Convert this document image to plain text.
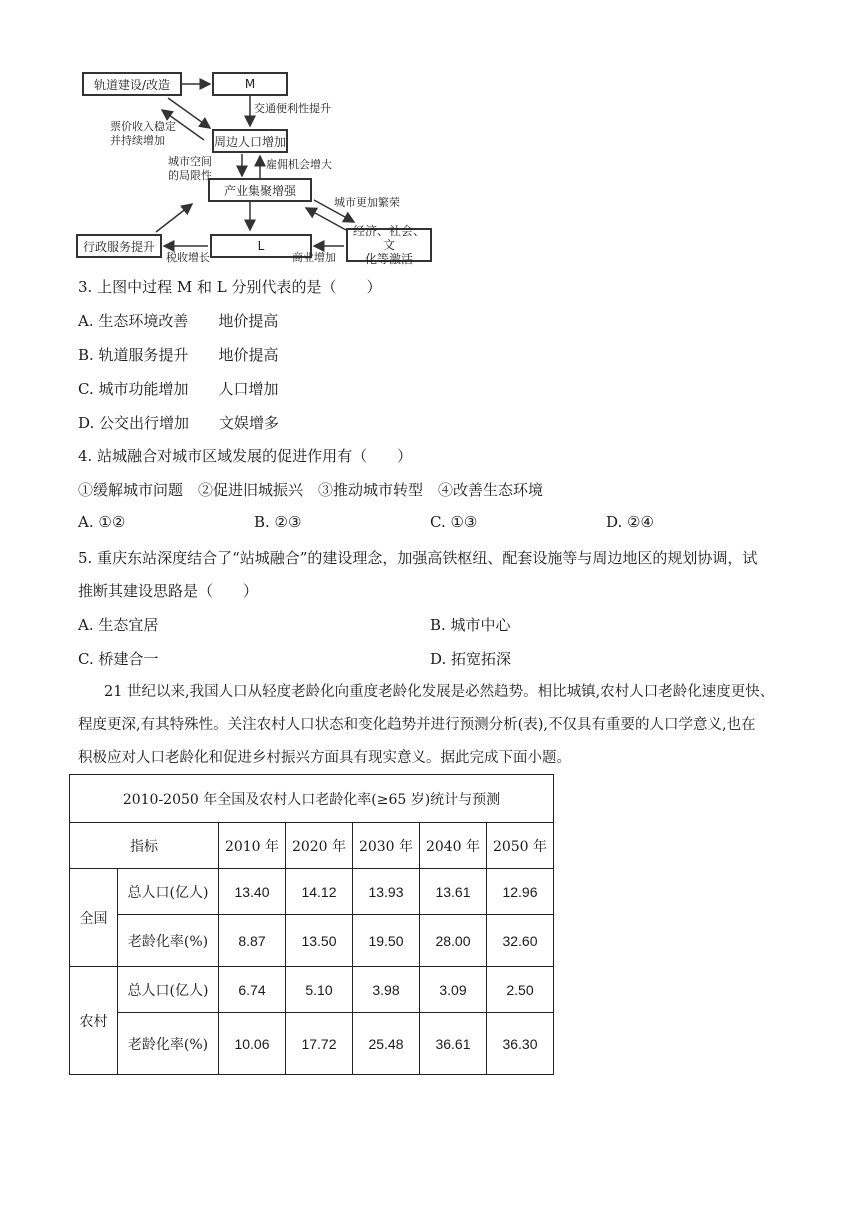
轨道建设/改造	M
周边人口增加
产业集聚增强
L
行政服务提升
经济、社会、文
化等激活
票价收入稳定
并持续增加
交通便利性提升
城市空间
的局限性
雇佣机会增大
城市更加繁荣
税收增长	商业增加
3. 上图中过程 M 和 L 分别代表的是（　　）
A. 生态环境改善　　地价提高
B. 轨道服务提升　　地价提高
C. 城市功能增加　　人口增加
D. 公交出行增加　　文娱增多
4. 站城融合对城市区域发展的促进作用有（　　）
①缓解城市问题　②促进旧城振兴　③推动城市转型　④改善生态环境
A. ①②	B. ②③	C. ①③	D. ②④
5. 重庆东站深度结合了“站城融合”的建设理念，加强高铁枢纽、配套设施等与周边地区的规划协调，试
推断其建设思路是（　　）
A. 生态宜居	B. 城市中心
C. 桥建合一	D. 拓宽拓深
21 世纪以来,我国人口从轻度老龄化向重度老龄化发展是必然趋势。相比城镇,农村人口老龄化速度更快、
程度更深,有其特殊性。关注农村人口状态和变化趋势并进行预测分析(表),不仅具有重要的人口学意义,也在
积极应对人口老龄化和促进乡村振兴方面具有现实意义。据此完成下面小题。
2010-2050 年全国及农村人口老龄化率(≥65 岁)统计与预测						
指标		2010 年	2020 年	2030 年	2040 年	2050 年
全国	总人口(亿人)	13.40	14.12	13.93	13.61	12.96
	老龄化率(%)	8.87	13.50	19.50	28.00	32.60
农村	总人口(亿人)	6.74	5.10	3.98	3.09	2.50
	老龄化率(%)	10.06	17.72	25.48	36.61	36.30
